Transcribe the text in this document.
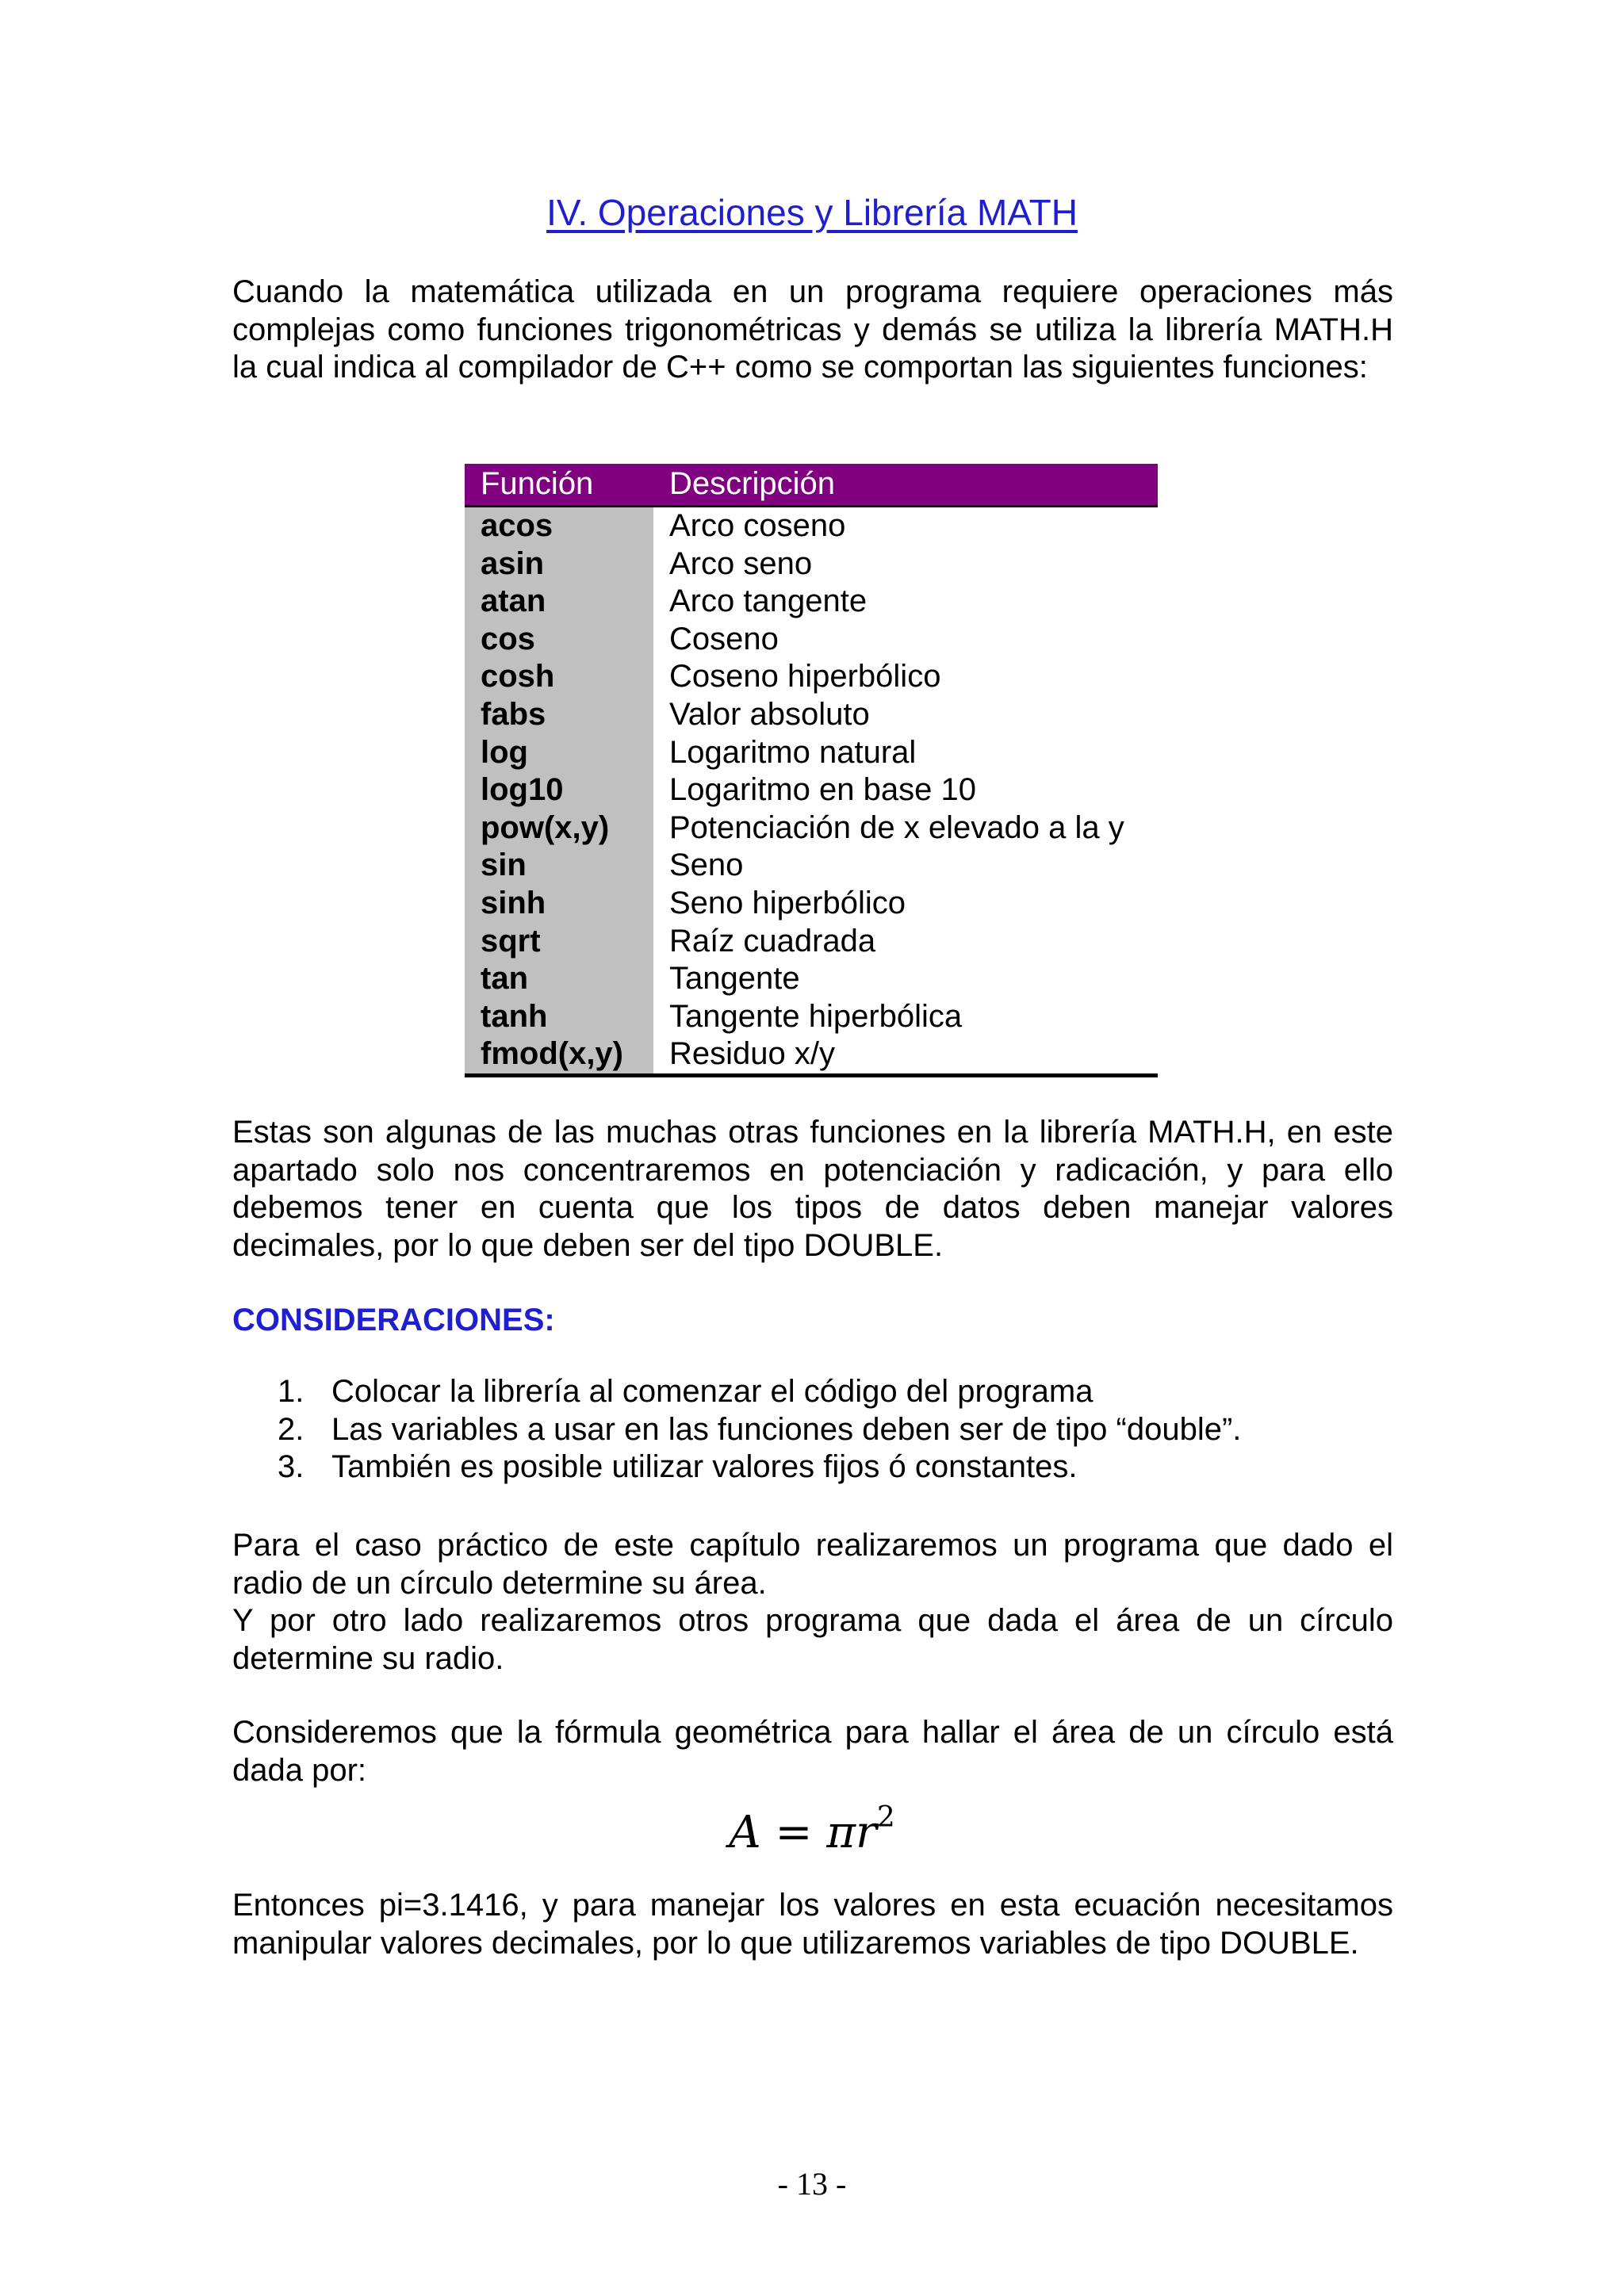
IV. Operaciones y Librería MATH

Cuando la matemática utilizada en un programa requiere operaciones más complejas como funciones trigonométricas y demás se utiliza la librería MATH.H la cual indica al compilador de C++ como se comportan las siguientes funciones:

Función	Descripción
acos	Arco coseno
asin	Arco seno
atan	Arco tangente
cos	Coseno
cosh	Coseno hiperbólico
fabs	Valor absoluto
log	Logaritmo natural
log10	Logaritmo en base 10
pow(x,y)	Potenciación de x elevado a la y
sin	Seno
sinh	Seno hiperbólico
sqrt	Raíz cuadrada
tan	Tangente
tanh	Tangente hiperbólica
fmod(x,y)	Residuo x/y

Estas son algunas de las muchas otras funciones en la librería MATH.H, en este apartado solo nos concentraremos en potenciación y radicación, y para ello debemos tener en cuenta que los tipos de datos deben manejar valores decimales, por lo que deben ser del tipo DOUBLE.

CONSIDERACIONES:

1. Colocar la librería al comenzar el código del programa
2. Las variables a usar en las funciones deben ser de tipo “double”.
3. También es posible utilizar valores fijos ó constantes.

Para el caso práctico de este capítulo realizaremos un programa que dado el radio de un círculo determine su área.

Y por otro lado realizaremos otros programa que dada el área de un círculo determine su radio.

Consideremos que la fórmula geométrica para hallar el área de un círculo está dada por:

$A = \pi r^2$

Entonces pi=3.1416, y para manejar los valores en esta ecuación necesitamos manipular valores decimales, por lo que utilizaremos variables de tipo DOUBLE.

- 13 -
